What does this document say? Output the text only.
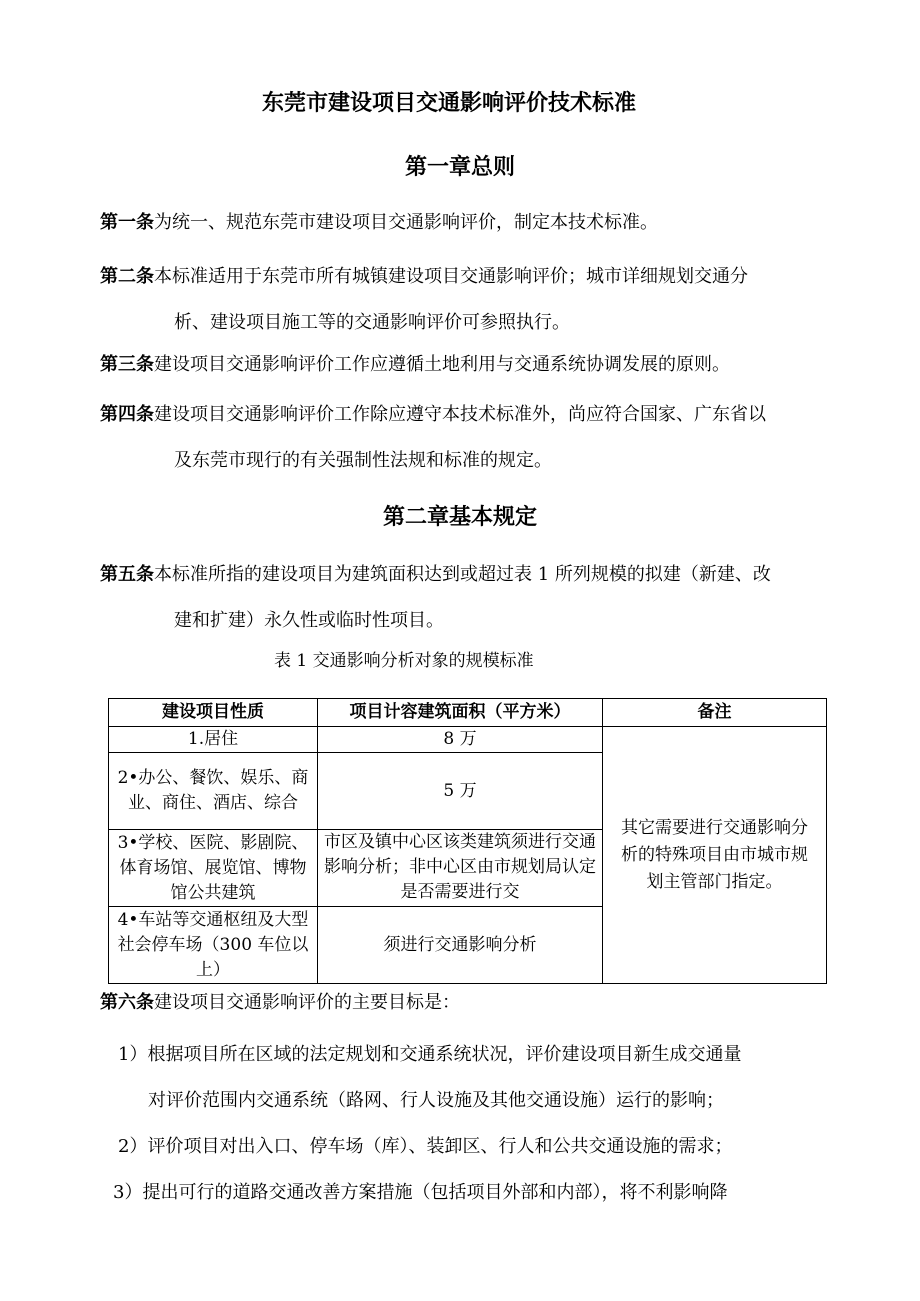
东莞市建设项目交通影响评价技术标准
第一章总则
第一条为统一、规范东莞市建设项目交通影响评价，制定本技术标准。
第二条本标准适用于东莞市所有城镇建设项目交通影响评价；城市详细规划交通分
析、建设项目施工等的交通影响评价可参照执行。
第三条建设项目交通影响评价工作应遵循土地利用与交通系统协调发展的原则。
第四条建设项目交通影响评价工作除应遵守本技术标准外，尚应符合国家、广东省以
及东莞市现行的有关强制性法规和标准的规定。
第二章基本规定
第五条本标准所指的建设项目为建筑面积达到或超过表 1 所列规模的拟建（新建、改
建和扩建）永久性或临时性项目。
表 1 交通影响分析对象的规模标准
建设项目性质	项目计容建筑面积（平方米）	备注
1.居住	8 万	其它需要进行交通影响分析的特殊项目由市城市规划主管部门指定。
2•办公、餐饮、娱乐、商业、商住、酒店、综合	5 万	
3•学校、医院、影剧院、体育场馆、展览馆、博物馆公共建筑	市区及镇中心区该类建筑须进行交通影响分析；非中心区由市规划局认定是否需要进行交	

4•车站等交通枢纽及大型社会停车场（300 车位以上）	须进行交通影响分析	
第六条建设项目交通影响评价的主要目标是：
1）根据项目所在区域的法定规划和交通系统状况，评价建设项目新生成交通量
对评价范围内交通系统（路网、行人设施及其他交通设施）运行的影响；
2）评价项目对出入口、停车场（库）、装卸区、行人和公共交通设施的需求；
3）提出可行的道路交通改善方案措施（包括项目外部和内部），将不利影响降
